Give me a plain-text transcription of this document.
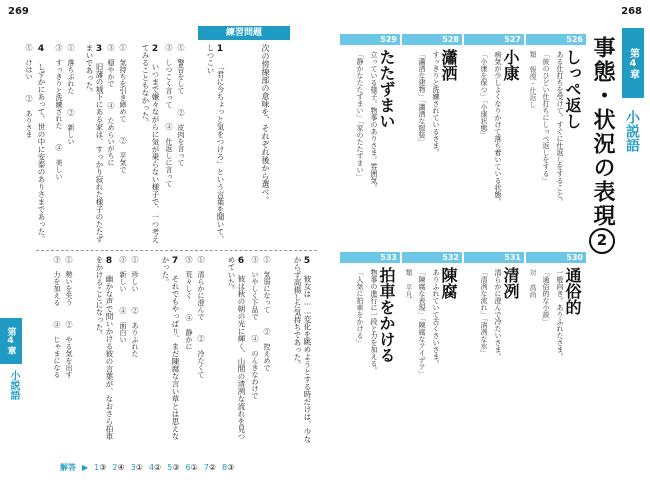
269
練習問題
次の傍線部の意味を、それぞれ後から選べ。
1 「君に今ちょっと気をつけろ」という言葉を聞いて、しつこい
① 警告をして　 ② 皮肉を言って
③ しつこく言って　 ④ 仕返しに言って
2 いつまで嫌々ながらに気が乗らない様子で、一つ考えてみることもなかった。
① 気持ちを引き締めて　 ② 平気で
③ 穏やかで　 ④ ためらいがちに
3 旧藩の城下にある家は、すっかり寂れた様子のたたずまいであった。
① 落ちぶれた　 ② 新しい
③ すっきりと洗練された　 ④ 美しい
4 しずかにあって、世の中に安泰のありさまであった。
① けはい　 ② ありさま
5 彼女は……変化を眺めようとする時だけは、少なからず高揚した気持ちであった。
① 気弱になって　 ② 控えめで
③ いやしく下品で　 ④ のんきなわけで
6 彼は秋の朝の光に輝く、山間の清冽な流れを見つめていた。
① 清らかに澄んで　 ② 冷たくて
③ 荒々しく　 ④ 静かに
7 それでもやっぱり、まだ陳腐な言い草とは思えなかった。
① 珍しい　 ② ありふれた
③ 新しい　 ④ 面白い
8 幽かな声で問いかける彼の言葉が、なおさら拍車をかけることになった。
① 勢いを失う　 ② やる気を出す
③ 力を加える　 ④ じゃまになる
第4章
小説語
解答 ▶ 1③ 2④ 3① 4② 5③ 6① 7② 8③
268
第4章
小説語
事態・状況の表現2
526
しっぺ返し
ある仕打ちを受けて、すぐに仕返しをすること。
「彼のひどい仕打ちにしっぺ返しをする」
類 報復・仕返し
527
小康
病気が少しよくなりかけて落ち着いている状態。
「小康を保つ」「小康状態」
528
瀟洒
すっきりと洗練されているさま。
「瀟洒な建物」「瀟洒な服装」
529
たたずまい
立っている様子。物事のありさま。雰囲気。
「静かなたたずまい」「家のたたずまい」
530
通俗的
一般向き。ありふれたさま。
「通俗的な小説」
対 高尚
531
清冽
清らかに澄んで冷たいさま。
「清冽な流れ」「清冽な水」
532
陳腐
ありふれていて古くさいさま。
「陳腐な表現」「陳腐なアイデア」
類 平凡
533
拍車をかける
物事の進行に一段と力を加える。
「人気に拍車をかける」
